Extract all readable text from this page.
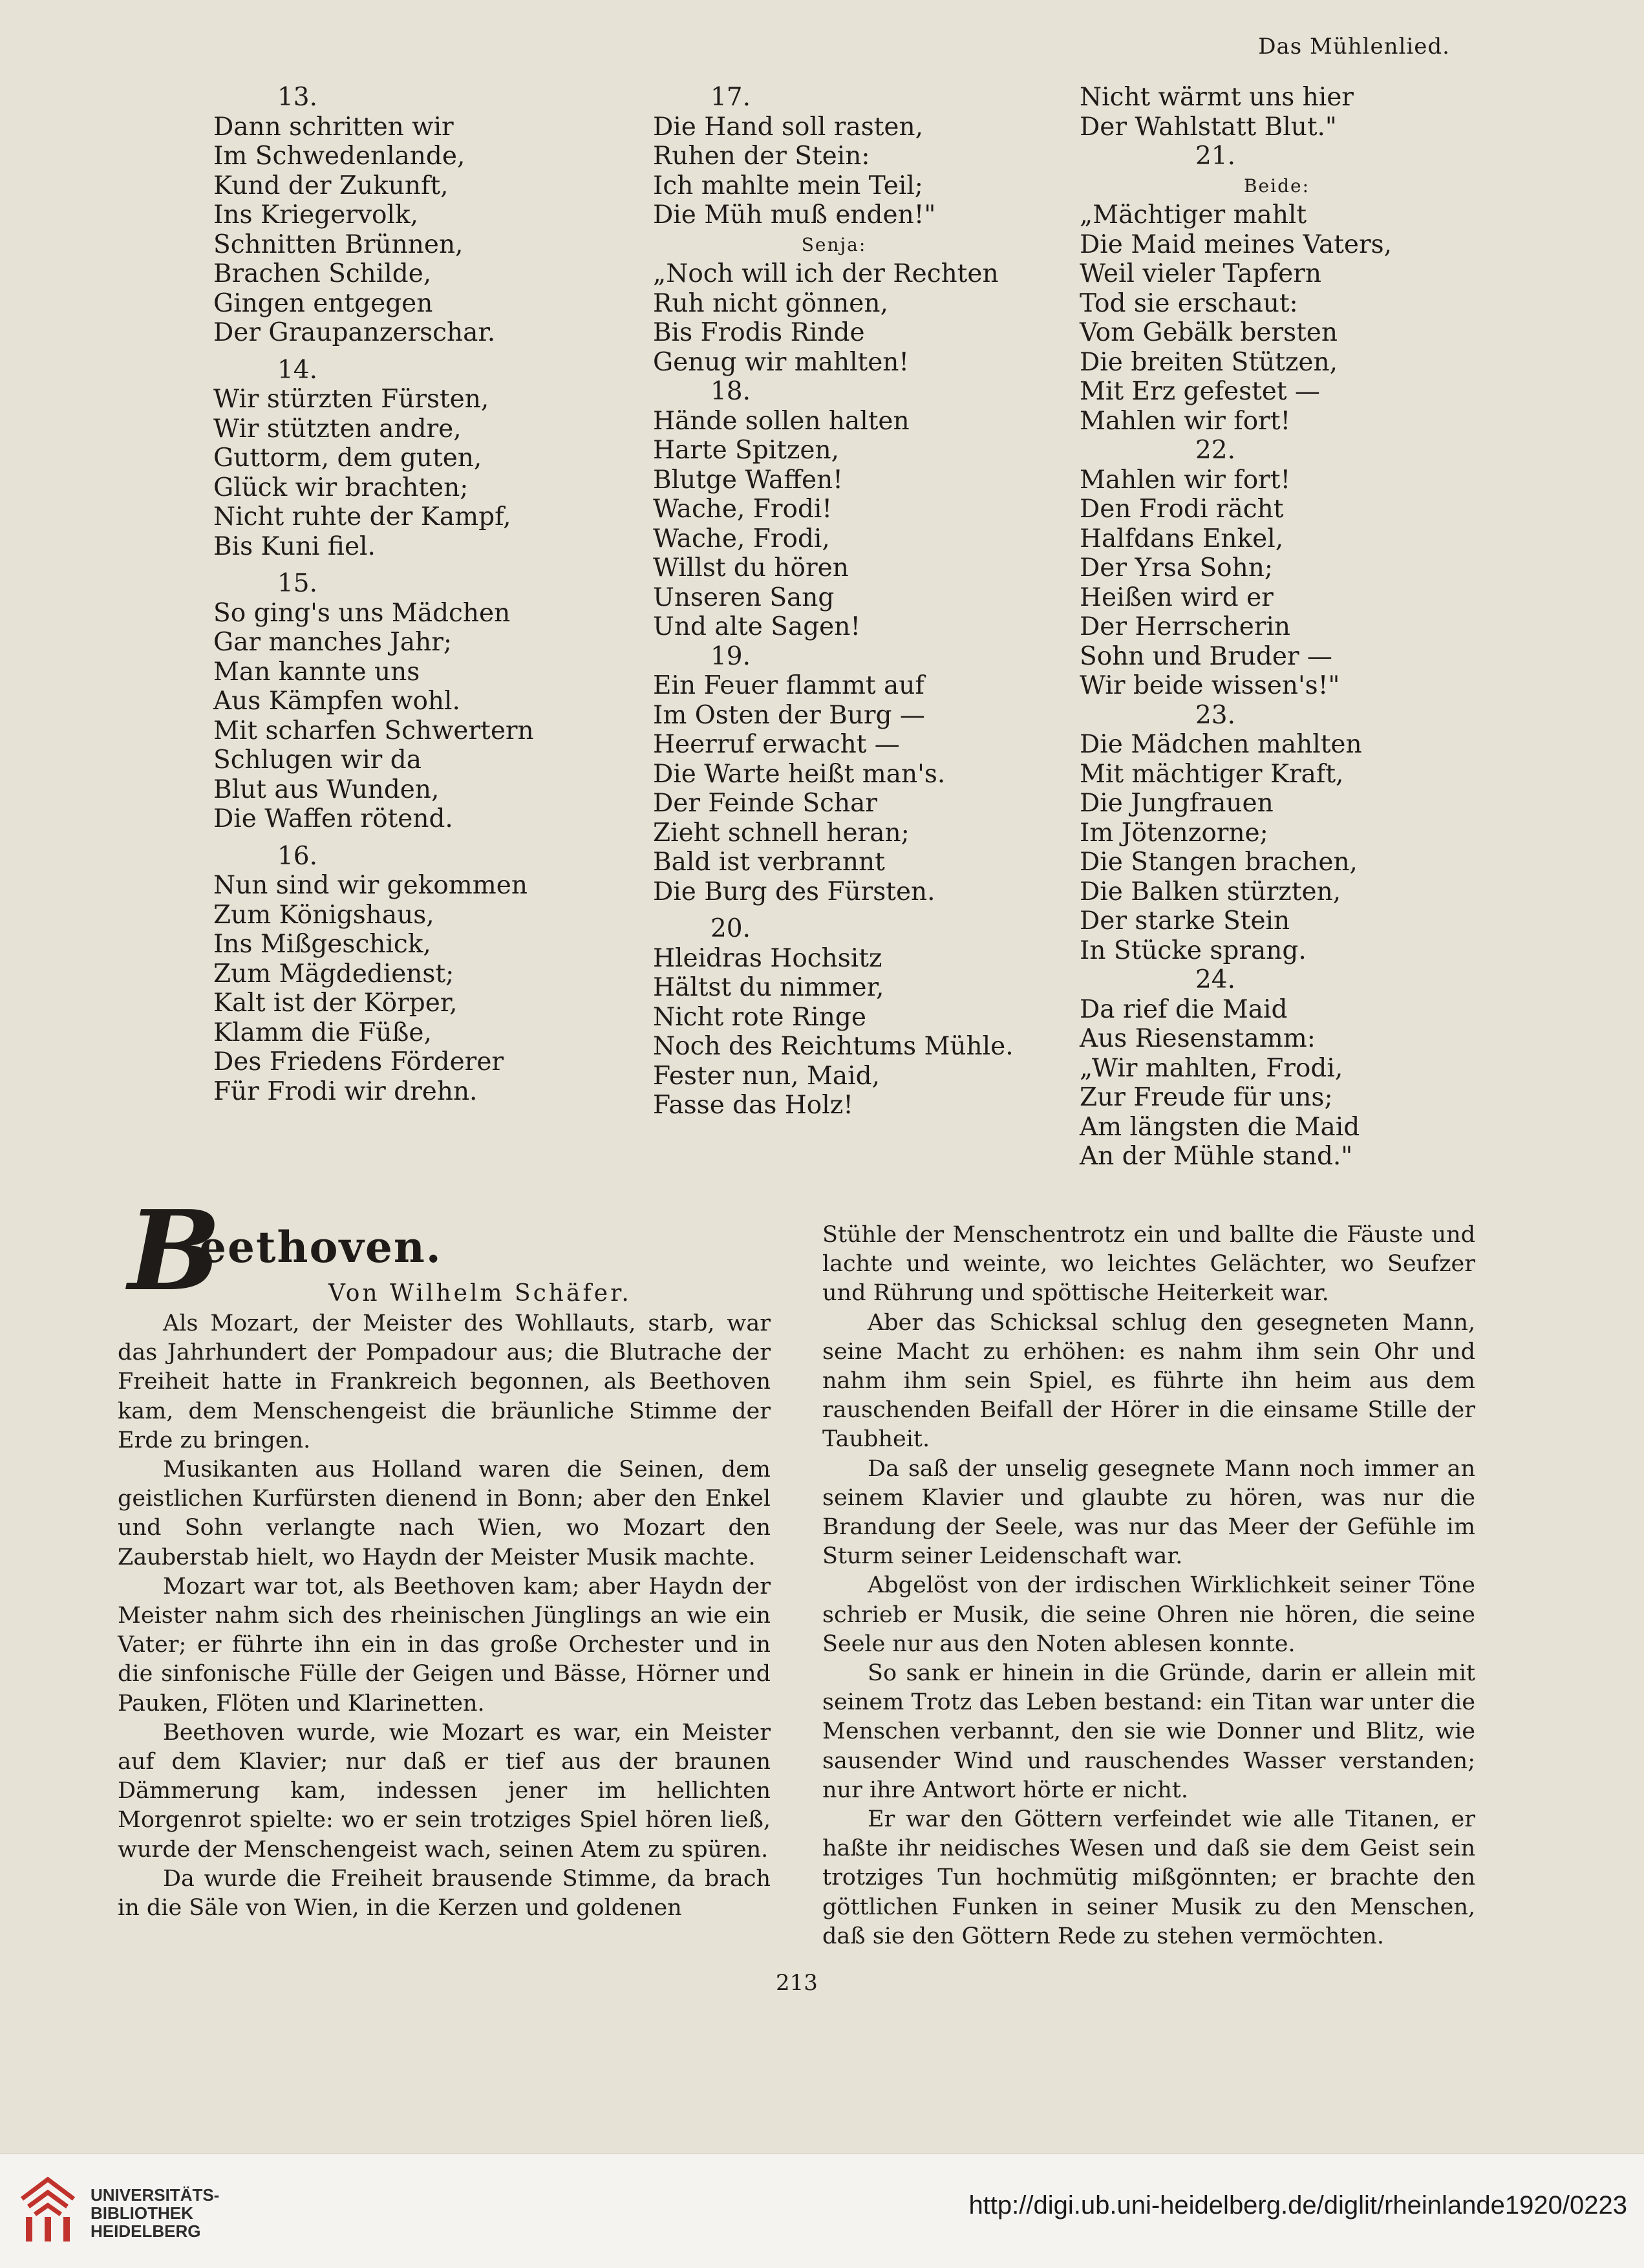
Das Mühlenlied.
13.
Dann schritten wir
Im Schwedenlande,
Kund der Zukunft,
Ins Kriegervolk,
Schnitten Brünnen,
Brachen Schilde,
Gingen entgegen
Der Graupanzerschar.
14.
Wir stürzten Fürsten,
Wir stützten andre,
Guttorm, dem guten,
Glück wir brachten;
Nicht ruhte der Kampf,
Bis Kuni fiel.
15.
So ging's uns Mädchen
Gar manches Jahr;
Man kannte uns
Aus Kämpfen wohl.
Mit scharfen Schwertern
Schlugen wir da
Blut aus Wunden,
Die Waffen rötend.
16.
Nun sind wir gekommen
Zum Königshaus,
Ins Mißgeschick,
Zum Mägdedienst;
Kalt ist der Körper,
Klamm die Füße,
Des Friedens Förderer
Für Frodi wir drehn.
17.
Die Hand soll rasten,
Ruhen der Stein:
Ich mahlte mein Teil;
Die Müh muß enden!"
Senja:
„Noch will ich der Rechten
Ruh nicht gönnen,
Bis Frodis Rinde
Genug wir mahlten!
18.
Hände sollen halten
Harte Spitzen,
Blutge Waffen!
Wache, Frodi!
Wache, Frodi,
Willst du hören
Unseren Sang
Und alte Sagen!
19.
Ein Feuer flammt auf
Im Osten der Burg —
Heerruf erwacht —
Die Warte heißt man's.
Der Feinde Schar
Zieht schnell heran;
Bald ist verbrannt
Die Burg des Fürsten.
20.
Hleidras Hochsitz
Hältst du nimmer,
Nicht rote Ringe
Noch des Reichtums Mühle.
Fester nun, Maid,
Fasse das Holz!
Nicht wärmt uns hier
Der Wahlstatt Blut."
21.
Beide:
„Mächtiger mahlt
Die Maid meines Vaters,
Weil vieler Tapfern
Tod sie erschaut:
Vom Gebälk bersten
Die breiten Stützen,
Mit Erz gefestet —
Mahlen wir fort!
22.
Mahlen wir fort!
Den Frodi rächt
Halfdans Enkel,
Der Yrsa Sohn;
Heißen wird er
Der Herrscherin
Sohn und Bruder —
Wir beide wissen's!"
23.
Die Mädchen mahlten
Mit mächtiger Kraft,
Die Jungfrauen
Im Jötenzorne;
Die Stangen brachen,
Die Balken stürzten,
Der starke Stein
In Stücke sprang.
24.
Da rief die Maid
Aus Riesenstamm:
„Wir mahlten, Frodi,
Zur Freude für uns;
Am längsten die Maid
An der Mühle stand."
B
eethoven.
Von Wilhelm Schäfer.

Als Mozart, der Meister des Wohllauts, starb, war das Jahrhundert der Pompadour aus; die Blutrache der Freiheit hatte in Frankreich begonnen, als Beethoven kam, dem Menschengeist die bräunliche Stimme der Erde zu bringen.

Musikanten aus Holland waren die Seinen, dem geistlichen Kurfürsten dienend in Bonn; aber den Enkel und Sohn verlangte nach Wien, wo Mozart den Zauberstab hielt, wo Haydn der Meister Musik machte.

Mozart war tot, als Beethoven kam; aber Haydn der Meister nahm sich des rheinischen Jünglings an wie ein Vater; er führte ihn ein in das große Orchester und in die sinfonische Fülle der Geigen und Bässe, Hörner und Pauken, Flöten und Klarinetten.

Beethoven wurde, wie Mozart es war, ein Meister auf dem Klavier; nur daß er tief aus der braunen Dämmerung kam, indessen jener im hellichten Morgenrot spielte: wo er sein trotziges Spiel hören ließ, wurde der Menschengeist wach, seinen Atem zu spüren.

Da wurde die Freiheit brausende Stimme, da brach in die Säle von Wien, in die Kerzen und goldenen

Stühle der Menschentrotz ein und ballte die Fäuste und lachte und weinte, wo leichtes Gelächter, wo Seufzer und Rührung und spöttische Heiterkeit war.

Aber das Schicksal schlug den gesegneten Mann, seine Macht zu erhöhen: es nahm ihm sein Ohr und nahm ihm sein Spiel, es führte ihn heim aus dem rauschenden Beifall der Hörer in die einsame Stille der Taubheit.

Da saß der unselig gesegnete Mann noch immer an seinem Klavier und glaubte zu hören, was nur die Brandung der Seele, was nur das Meer der Gefühle im Sturm seiner Leidenschaft war.

Abgelöst von der irdischen Wirklichkeit seiner Töne schrieb er Musik, die seine Ohren nie hören, die seine Seele nur aus den Noten ablesen konnte.

So sank er hinein in die Gründe, darin er allein mit seinem Trotz das Leben bestand: ein Titan war unter die Menschen verbannt, den sie wie Donner und Blitz, wie sausender Wind und rauschendes Wasser verstanden; nur ihre Antwort hörte er nicht.

Er war den Göttern verfeindet wie alle Titanen, er haßte ihr neidisches Wesen und daß sie dem Geist sein trotziges Tun hochmütig mißgönnten; er brachte den göttlichen Funken in seiner Musik zu den Menschen, daß sie den Göttern Rede zu stehen vermöchten.

213
UNIVERSITÄTS-
BIBLIOTHEK
HEIDELBERG
http://digi.ub.uni-heidelberg.de/diglit/rheinlande1920/0223
